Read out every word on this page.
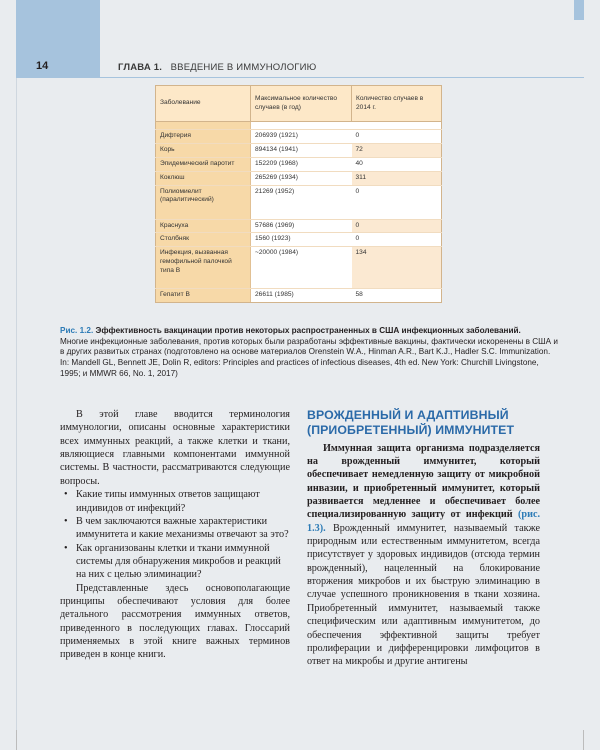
14	ГЛАВА 1. ВВЕДЕНИЕ В ИММУНОЛОГИЮ
Заболевание	Максимальное количество случаев (в год)	Количество случаев в 2014 г.

Дифтерия	206939 (1921)	0
Корь	894134 (1941)	72
Эпидемический паротит	152209 (1968)	40
Коклюш	265269 (1934)	311
Полиомиелит (паралитический)	21269 (1952)	0
Краснуха	57686 (1969)	0
Столбняк	1560 (1923)	0
Инфекция, вызванная гемофильной палочкой типа B	~20000 (1984)	134
Гепатит B	26611 (1985)	58
Рис. 1.2. Эффективность вакцинации против некоторых распространенных в США инфекционных заболеваний.
Многие инфекционные заболевания, против которых были разработаны эффективные вакцины, фактически искоренены в США и в других развитых странах (подготовлено на основе материалов Orenstein W.A., Hinman A.R., Bart K.J., Hadler S.C. Immunization. In: Mandell GL, Bennett JE, Dolin R, editors: Principles and practices of infectious diseases, 4th ed. New York: Churchill Livingstone, 1995; и MMWR 66, No. 1, 2017)

В этой главе вводится терминология иммунологии, описаны основные характеристики всех иммунных реакций, а также клетки и ткани, являющиеся главными компонентами иммунной системы. В частности, рассматриваются следующие вопросы.

• Какие типы иммунных ответов защищают индивидов от инфекций?
• В чем заключаются важные характеристики иммунитета и какие механизмы отвечают за это?
• Как организованы клетки и ткани иммунной системы для обнаружения микробов и реакций на них с целью элиминации?

Представленные здесь основополагающие принципы обеспечивают условия для более детального рассмотрения иммунных ответов, приведенного в последующих главах. Глоссарий применяемых в этой книге важных терминов приведен в конце книги.

ВРОЖДЕННЫЙ И АДАПТИВНЫЙ (ПРИОБРЕТЕННЫЙ) ИММУНИТЕТ

Иммунная защита организма подразделяется на врожденный иммунитет, который обеспечивает немедленную защиту от микробной инвазии, и приобретенный иммунитет, который развивается медленнее и обеспечивает более специализированную защиту от инфекций (рис. 1.3). Врожденный иммунитет, называемый также природным или естественным иммунитетом, всегда присутствует у здоровых индивидов (отсюда термин врожденный), нацеленный на блокирование вторжения микробов и их быструю элиминацию в случае успешного проникновения в ткани хозяина. Приобретенный иммунитет, называемый также специфическим или адаптивным иммунитетом, до обеспечения эффективной защиты требует пролиферации и дифференцировки лимфоцитов в ответ на микробы и другие антигены
